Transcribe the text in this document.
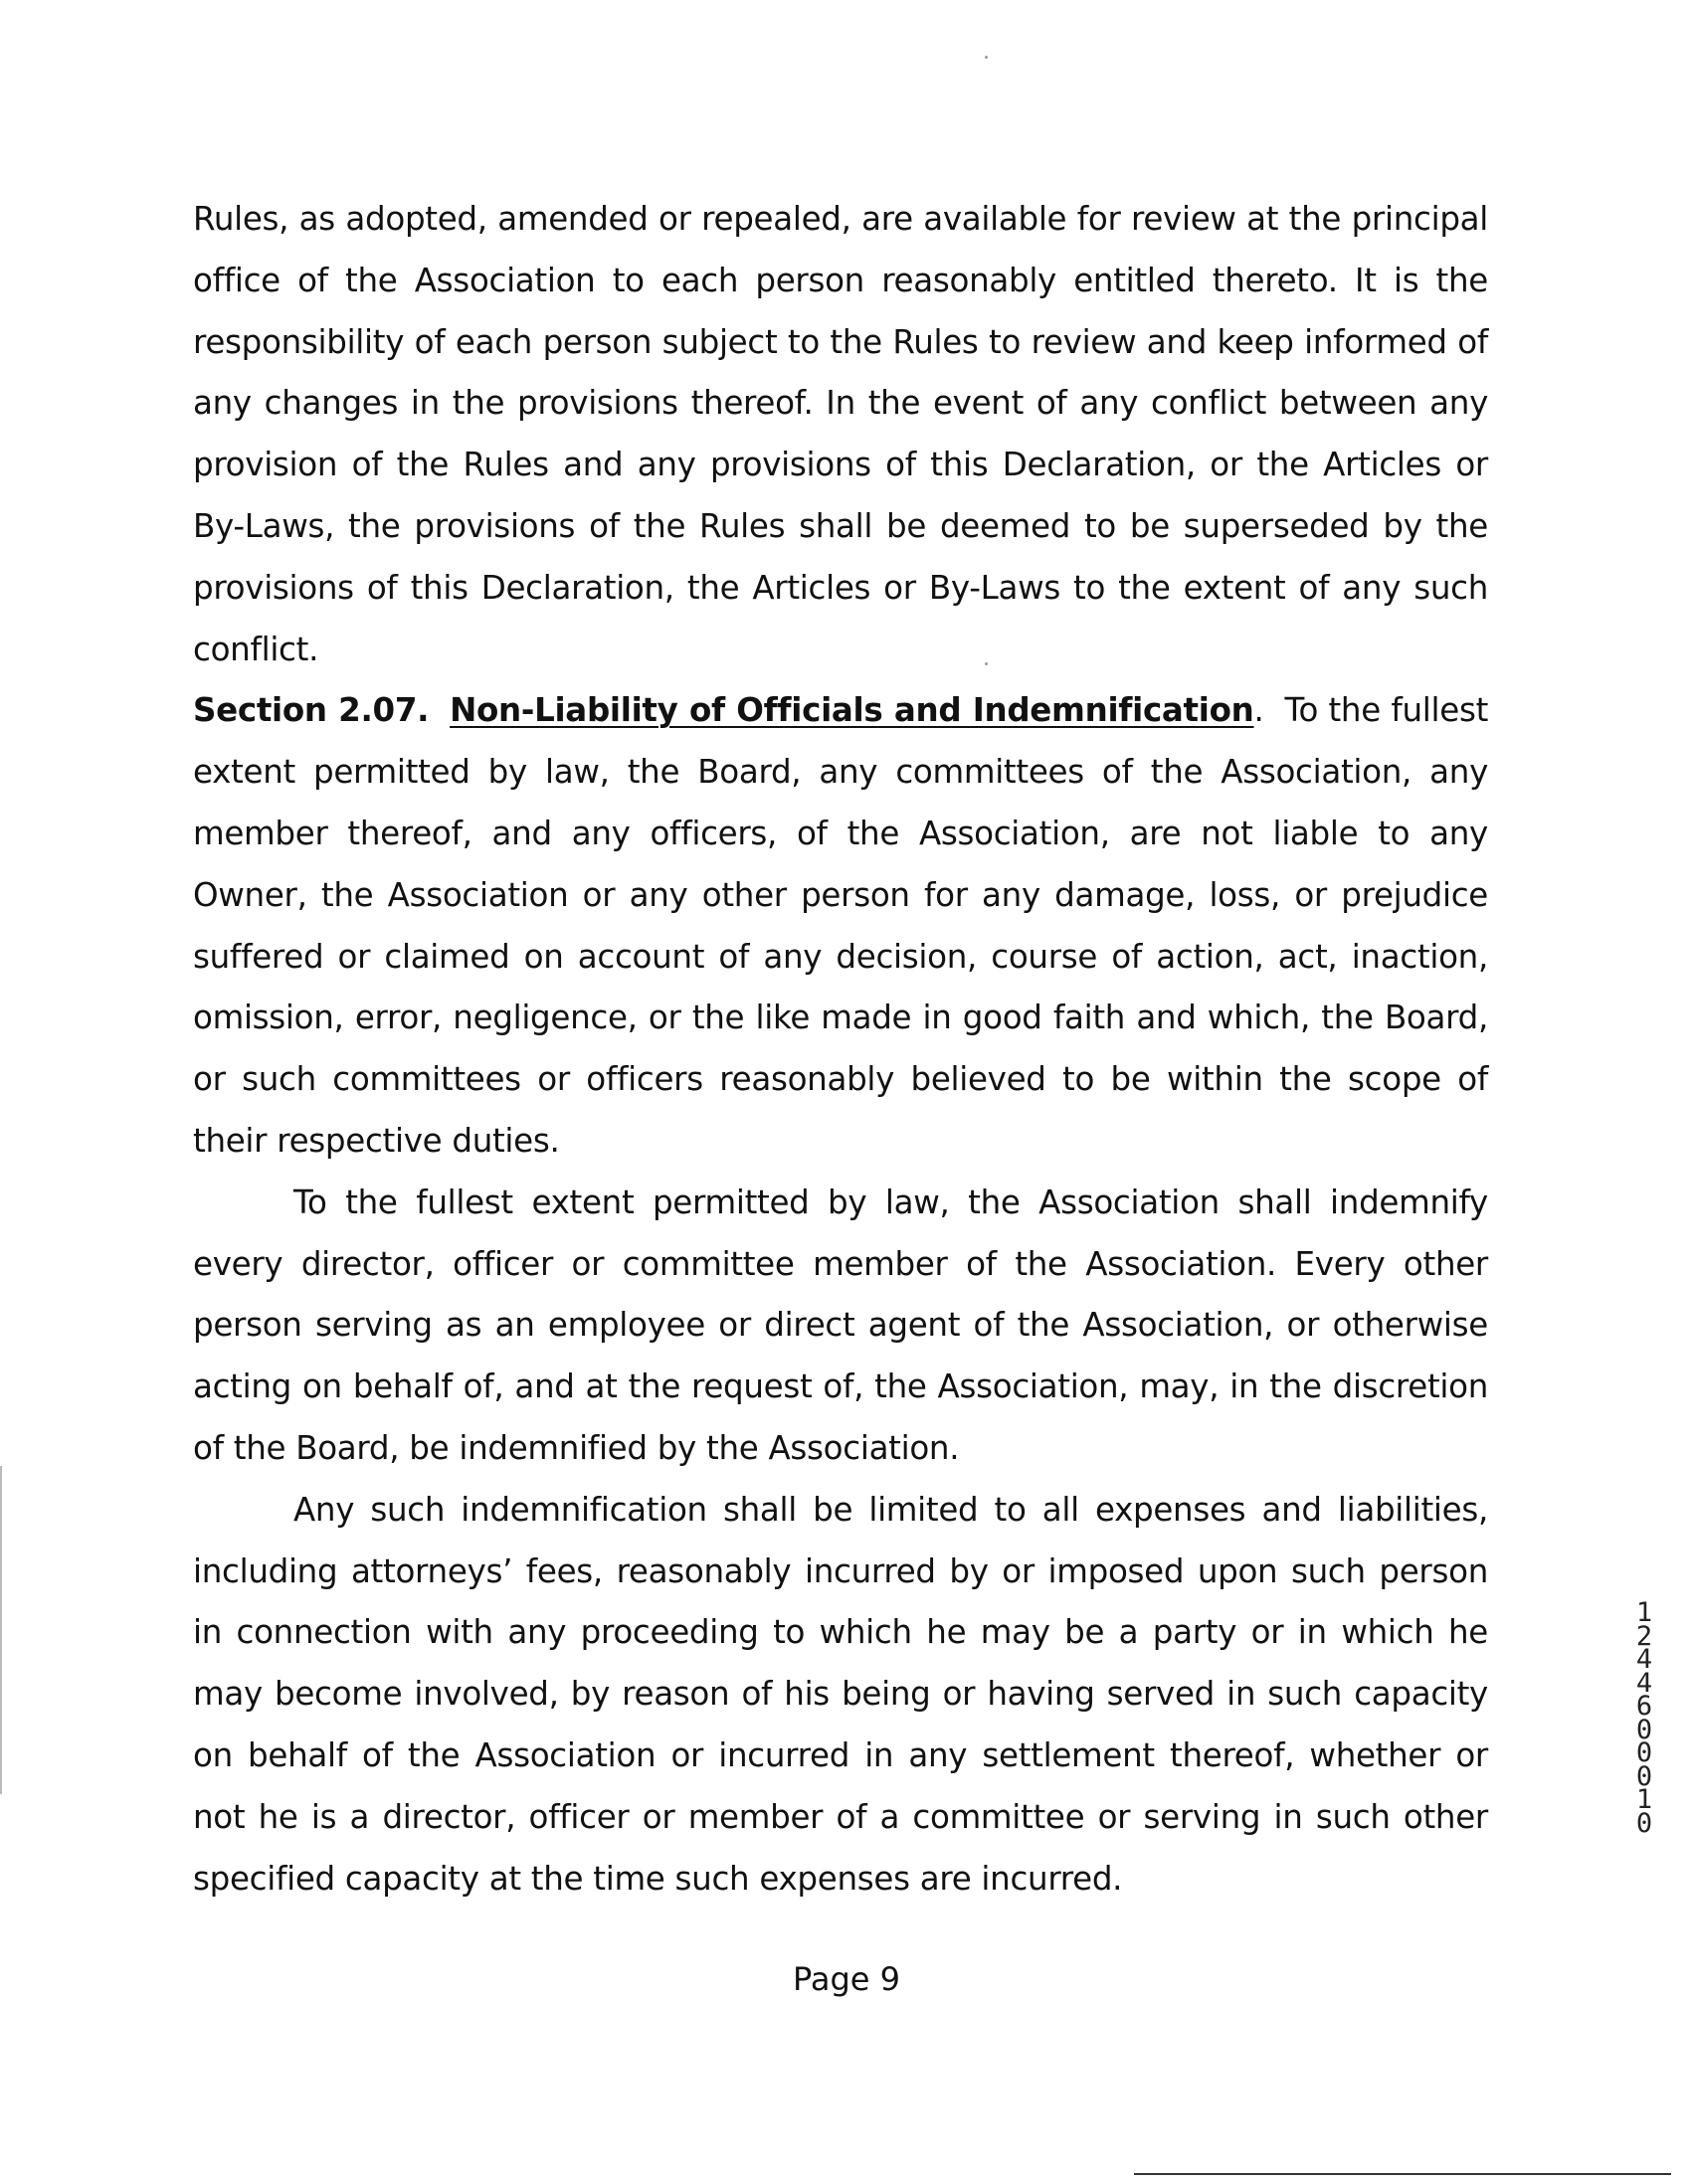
Rules, as adopted, amended or repealed, are available for review at the principal office of the Association to each person reasonably entitled thereto. It is the responsibility of each person subject to the Rules to review and keep informed of any changes in the provisions thereof. In the event of any conflict between any provision of the Rules and any provisions of this Declaration, or the Articles or By-Laws, the provisions of the Rules shall be deemed to be superseded by the provisions of this Declaration, the Articles or By-Laws to the extent of any such conflict.

Section 2.07. Non-Liability of Officials and Indemnification. To the fullest extent permitted by law, the Board, any committees of the Association, any member thereof, and any officers, of the Association, are not liable to any Owner, the Association or any other person for any damage, loss, or prejudice suffered or claimed on account of any decision, course of action, act, inaction, omission, error, negligence, or the like made in good faith and which, the Board, or such committees or officers reasonably believed to be within the scope of their respective duties.

To the fullest extent permitted by law, the Association shall indemnify every director, officer or committee member of the Association. Every other person serving as an employee or direct agent of the Association, or otherwise acting on behalf of, and at the request of, the Association, may, in the discretion of the Board, be indemnified by the Association.

Any such indemnification shall be limited to all expenses and liabilities, including attorneys’ fees, reasonably incurred by or imposed upon such person in connection with any proceeding to which he may be a party or in which he may become involved, by reason of his being or having served in such capacity on behalf of the Association or incurred in any settlement thereof, whether or not he is a director, officer or member of a committee or serving in such other specified capacity at the time such expenses are incurred.

12446 00010
Page 9
